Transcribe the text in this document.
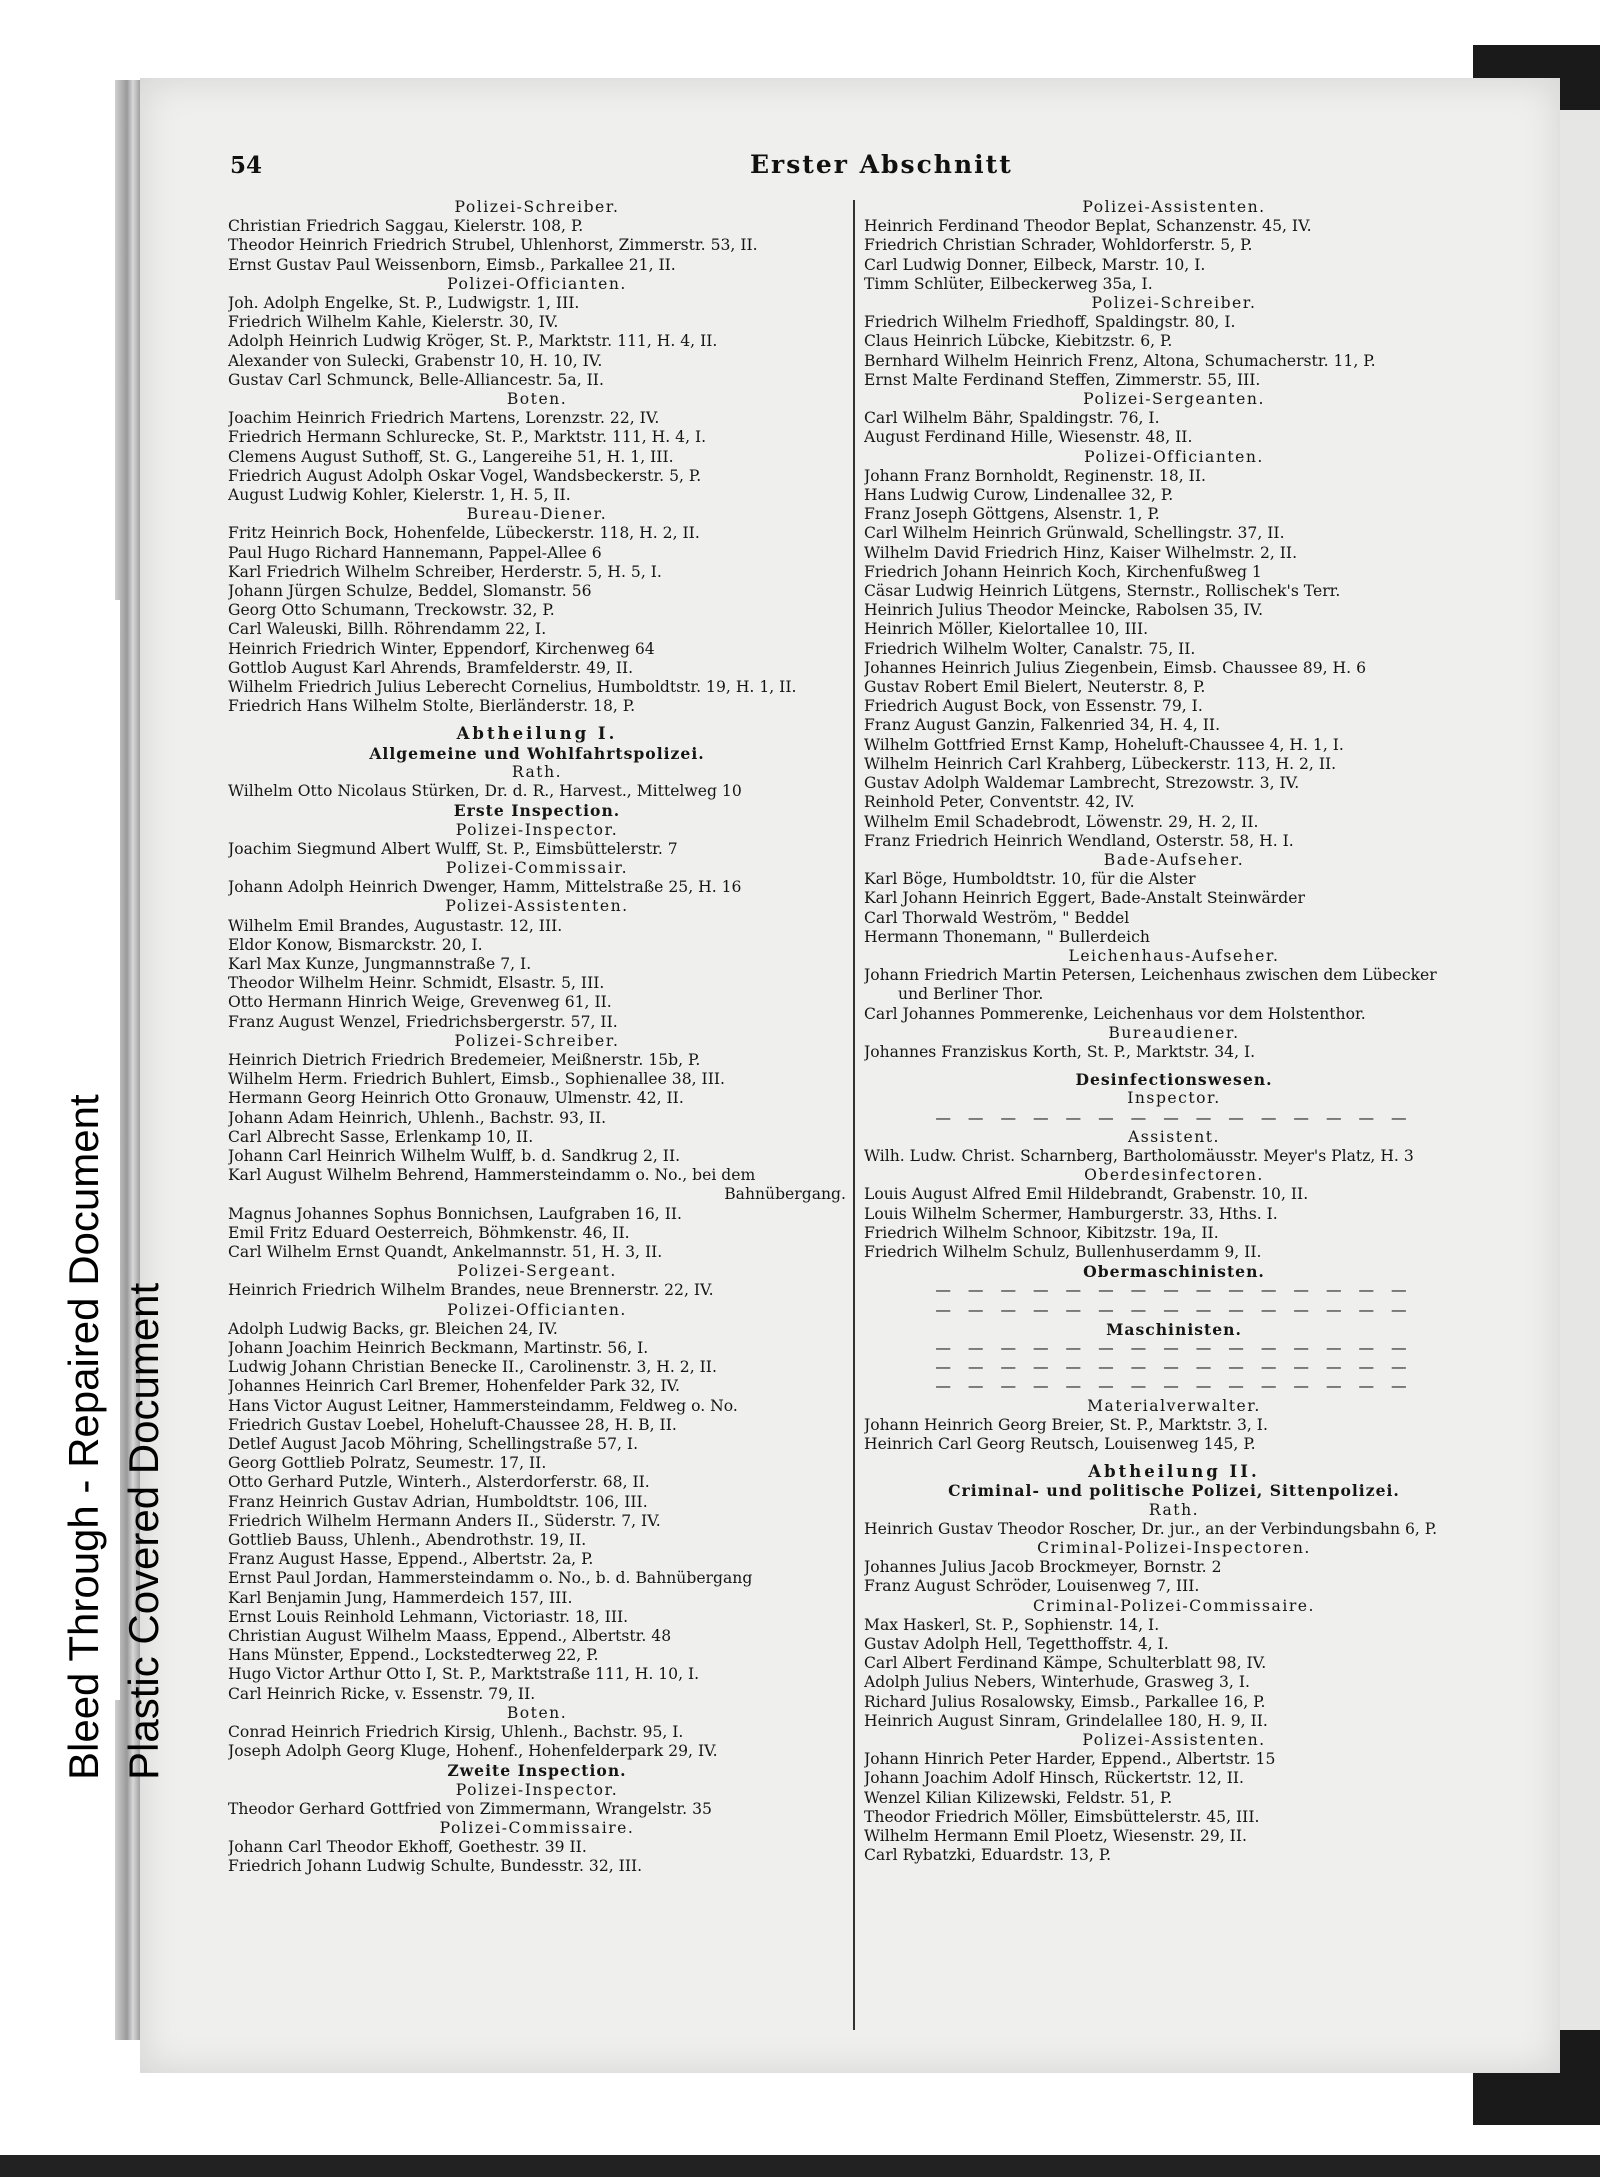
Bleed Through - Repaired Document Plastic Covered Document
54	Erster Abschnitt
Polizei-Schreiber.
Christian Friedrich Saggau, Kielerstr. 108, P.
Theodor Heinrich Friedrich Strubel, Uhlenhorst, Zimmerstr. 53, II.
Ernst Gustav Paul Weissenborn, Eimsb., Parkallee 21, II.
Polizei-Officianten.
Joh. Adolph Engelke, St. P., Ludwigstr. 1, III.
Friedrich Wilhelm Kahle, Kielerstr. 30, IV.
Adolph Heinrich Ludwig Kröger, St. P., Marktstr. 111, H. 4, II.
Alexander von Sulecki, Grabenstr 10, H. 10, IV.
Gustav Carl Schmunck, Belle-Alliancestr. 5a, II.
Boten.
Joachim Heinrich Friedrich Martens, Lorenzstr. 22, IV.
Friedrich Hermann Schlurecke, St. P., Marktstr. 111, H. 4, I.
Clemens August Suthoff, St. G., Langereihe 51, H. 1, III.
Friedrich August Adolph Oskar Vogel, Wandsbeckerstr. 5, P.
August Ludwig Kohler, Kielerstr. 1, H. 5, II.
Bureau-Diener.
Fritz Heinrich Bock, Hohenfelde, Lübeckerstr. 118, H. 2, II.
Paul Hugo Richard Hannemann, Pappel-Allee 6
Karl Friedrich Wilhelm Schreiber, Herderstr. 5, H. 5, I.
Johann Jürgen Schulze, Beddel, Slomanstr. 56
Georg Otto Schumann, Treckowstr. 32, P.
Carl Waleuski, Billh. Röhrendamm 22, I.
Heinrich Friedrich Winter, Eppendorf, Kirchenweg 64
Gottlob August Karl Ahrends, Bramfelderstr. 49, II.
Wilhelm Friedrich Julius Leberecht Cornelius, Humboldtstr. 19, H. 1, II.
Friedrich Hans Wilhelm Stolte, Bierländerstr. 18, P.
Abtheilung I.
Allgemeine und Wohlfahrtspolizei.
Rath.
Wilhelm Otto Nicolaus Stürken, Dr. d. R., Harvest., Mittelweg 10
Erste Inspection.
Polizei-Inspector.
Joachim Siegmund Albert Wulff, St. P., Eimsbüttelerstr. 7
Polizei-Commissair.
Johann Adolph Heinrich Dwenger, Hamm, Mittelstraße 25, H. 16
Polizei-Assistenten.
Wilhelm Emil Brandes, Augustastr. 12, III.
Eldor Konow, Bismarckstr. 20, I.
Karl Max Kunze, Jungmannstraße 7, I.
Theodor Wilhelm Heinr. Schmidt, Elsastr. 5, III.
Otto Hermann Hinrich Weige, Grevenweg 61, II.
Franz August Wenzel, Friedrichsbergerstr. 57, II.
Polizei-Schreiber.
Heinrich Dietrich Friedrich Bredemeier, Meißnerstr. 15b, P.
Wilhelm Herm. Friedrich Buhlert, Eimsb., Sophienallee 38, III.
Hermann Georg Heinrich Otto Gronauw, Ulmenstr. 42, II.
Johann Adam Heinrich, Uhlenh., Bachstr. 93, II.
Carl Albrecht Sasse, Erlenkamp 10, II.
Johann Carl Heinrich Wilhelm Wulff, b. d. Sandkrug 2, II.
Karl August Wilhelm Behrend, Hammersteindamm o. No., bei dem
Bahnübergang.
Magnus Johannes Sophus Bonnichsen, Laufgraben 16, II.
Emil Fritz Eduard Oesterreich, Böhmkenstr. 46, II.
Carl Wilhelm Ernst Quandt, Ankelmannstr. 51, H. 3, II.
Polizei-Sergeant.
Heinrich Friedrich Wilhelm Brandes, neue Brennerstr. 22, IV.
Polizei-Officianten.
Adolph Ludwig Backs, gr. Bleichen 24, IV.
Johann Joachim Heinrich Beckmann, Martinstr. 56, I.
Ludwig Johann Christian Benecke II., Carolinenstr. 3, H. 2, II.
Johannes Heinrich Carl Bremer, Hohenfelder Park 32, IV.
Hans Victor August Leitner, Hammersteindamm, Feldweg o. No.
Friedrich Gustav Loebel, Hoheluft-Chaussee 28, H. B, II.
Detlef August Jacob Möhring, Schellingstraße 57, I.
Georg Gottlieb Polratz, Seumestr. 17, II.
Otto Gerhard Putzle, Winterh., Alsterdorferstr. 68, II.
Franz Heinrich Gustav Adrian, Humboldtstr. 106, III.
Friedrich Wilhelm Hermann Anders II., Süderstr. 7, IV.
Gottlieb Bauss, Uhlenh., Abendrothstr. 19, II.
Franz August Hasse, Eppend., Albertstr. 2a, P.
Ernst Paul Jordan, Hammersteindamm o. No., b. d. Bahnübergang
Karl Benjamin Jung, Hammerdeich 157, III.
Ernst Louis Reinhold Lehmann, Victoriastr. 18, III.
Christian August Wilhelm Maass, Eppend., Albertstr. 48
Hans Münster, Eppend., Lockstedterweg 22, P.
Hugo Victor Arthur Otto I, St. P., Marktstraße 111, H. 10, I.
Carl Heinrich Ricke, v. Essenstr. 79, II.
Boten.
Conrad Heinrich Friedrich Kirsig, Uhlenh., Bachstr. 95, I.
Joseph Adolph Georg Kluge, Hohenf., Hohenfelderpark 29, IV.
Zweite Inspection.
Polizei-Inspector.
Theodor Gerhard Gottfried von Zimmermann, Wrangelstr. 35
Polizei-Commissaire.
Johann Carl Theodor Ekhoff, Goethestr. 39 II.
Friedrich Johann Ludwig Schulte, Bundesstr. 32, III.
Polizei-Assistenten.
Heinrich Ferdinand Theodor Beplat, Schanzenstr. 45, IV.
Friedrich Christian Schrader, Wohldorferstr. 5, P.
Carl Ludwig Donner, Eilbeck, Marstr. 10, I.
Timm Schlüter, Eilbeckerweg 35a, I.
Polizei-Schreiber.
Friedrich Wilhelm Friedhoff, Spaldingstr. 80, I.
Claus Heinrich Lübcke, Kiebitzstr. 6, P.
Bernhard Wilhelm Heinrich Frenz, Altona, Schumacherstr. 11, P.
Ernst Malte Ferdinand Steffen, Zimmerstr. 55, III.
Polizei-Sergeanten.
Carl Wilhelm Bähr, Spaldingstr. 76, I.
August Ferdinand Hille, Wiesenstr. 48, II.
Polizei-Officianten.
Johann Franz Bornholdt, Reginenstr. 18, II.
Hans Ludwig Curow, Lindenallee 32, P.
Franz Joseph Göttgens, Alsenstr. 1, P.
Carl Wilhelm Heinrich Grünwald, Schellingstr. 37, II.
Wilhelm David Friedrich Hinz, Kaiser Wilhelmstr. 2, II.
Friedrich Johann Heinrich Koch, Kirchenfußweg 1
Cäsar Ludwig Heinrich Lütgens, Sternstr., Rollischek's Terr.
Heinrich Julius Theodor Meincke, Rabolsen 35, IV.
Heinrich Möller, Kielortallee 10, III.
Friedrich Wilhelm Wolter, Canalstr. 75, II.
Johannes Heinrich Julius Ziegenbein, Eimsb. Chaussee 89, H. 6
Gustav Robert Emil Bielert, Neuterstr. 8, P.
Friedrich August Bock, von Essenstr. 79, I.
Franz August Ganzin, Falkenried 34, H. 4, II.
Wilhelm Gottfried Ernst Kamp, Hoheluft-Chaussee 4, H. 1, I.
Wilhelm Heinrich Carl Krahberg, Lübeckerstr. 113, H. 2, II.
Gustav Adolph Waldemar Lambrecht, Strezowstr. 3, IV.
Reinhold Peter, Conventstr. 42, IV.
Wilhelm Emil Schadebrodt, Löwenstr. 29, H. 2, II.
Franz Friedrich Heinrich Wendland, Osterstr. 58, H. I.
Bade-Aufseher.
Karl Böge, Humboldtstr. 10, für die Alster
Karl Johann Heinrich Eggert, Bade-Anstalt Steinwärder
Carl Thorwald Weström, " Beddel
Hermann Thonemann, " Bullerdeich
Leichenhaus-Aufseher.
Johann Friedrich Martin Petersen, Leichenhaus zwischen dem Lübecker
und Berliner Thor.
Carl Johannes Pommerenke, Leichenhaus vor dem Holstenthor.
Bureaudiener.
Johannes Franziskus Korth, St. P., Marktstr. 34, I.
Desinfectionswesen.
Inspector.
— — — — — — — — — — — — — — —
Assistent.
Wilh. Ludw. Christ. Scharnberg, Bartholomäusstr. Meyer's Platz, H. 3
Oberdesinfectoren.
Louis August Alfred Emil Hildebrandt, Grabenstr. 10, II.
Louis Wilhelm Schermer, Hamburgerstr. 33, Hths. I.
Friedrich Wilhelm Schnoor, Kibitzstr. 19a, II.
Friedrich Wilhelm Schulz, Bullenhuserdamm 9, II.
Obermaschinisten.
— — — — — — — — — — — — — — —
— — — — — — — — — — — — — — —
Maschinisten.
— — — — — — — — — — — — — — —
— — — — — — — — — — — — — — —
— — — — — — — — — — — — — — —
Materialverwalter.
Johann Heinrich Georg Breier, St. P., Marktstr. 3, I.
Heinrich Carl Georg Reutsch, Louisenweg 145, P.
Abtheilung II.
Criminal- und politische Polizei, Sittenpolizei.
Rath.
Heinrich Gustav Theodor Roscher, Dr. jur., an der Verbindungsbahn 6, P.
Criminal-Polizei-Inspectoren.
Johannes Julius Jacob Brockmeyer, Bornstr. 2
Franz August Schröder, Louisenweg 7, III.
Criminal-Polizei-Commissaire.
Max Haskerl, St. P., Sophienstr. 14, I.
Gustav Adolph Hell, Tegetthoffstr. 4, I.
Carl Albert Ferdinand Kämpe, Schulterblatt 98, IV.
Adolph Julius Nebers, Winterhude, Grasweg 3, I.
Richard Julius Rosalowsky, Eimsb., Parkallee 16, P.
Heinrich August Sinram, Grindelallee 180, H. 9, II.
Polizei-Assistenten.
Johann Hinrich Peter Harder, Eppend., Albertstr. 15
Johann Joachim Adolf Hinsch, Rückertstr. 12, II.
Wenzel Kilian Kilizewski, Feldstr. 51, P.
Theodor Friedrich Möller, Eimsbüttelerstr. 45, III.
Wilhelm Hermann Emil Ploetz, Wiesenstr. 29, II.
Carl Rybatzki, Eduardstr. 13, P.
